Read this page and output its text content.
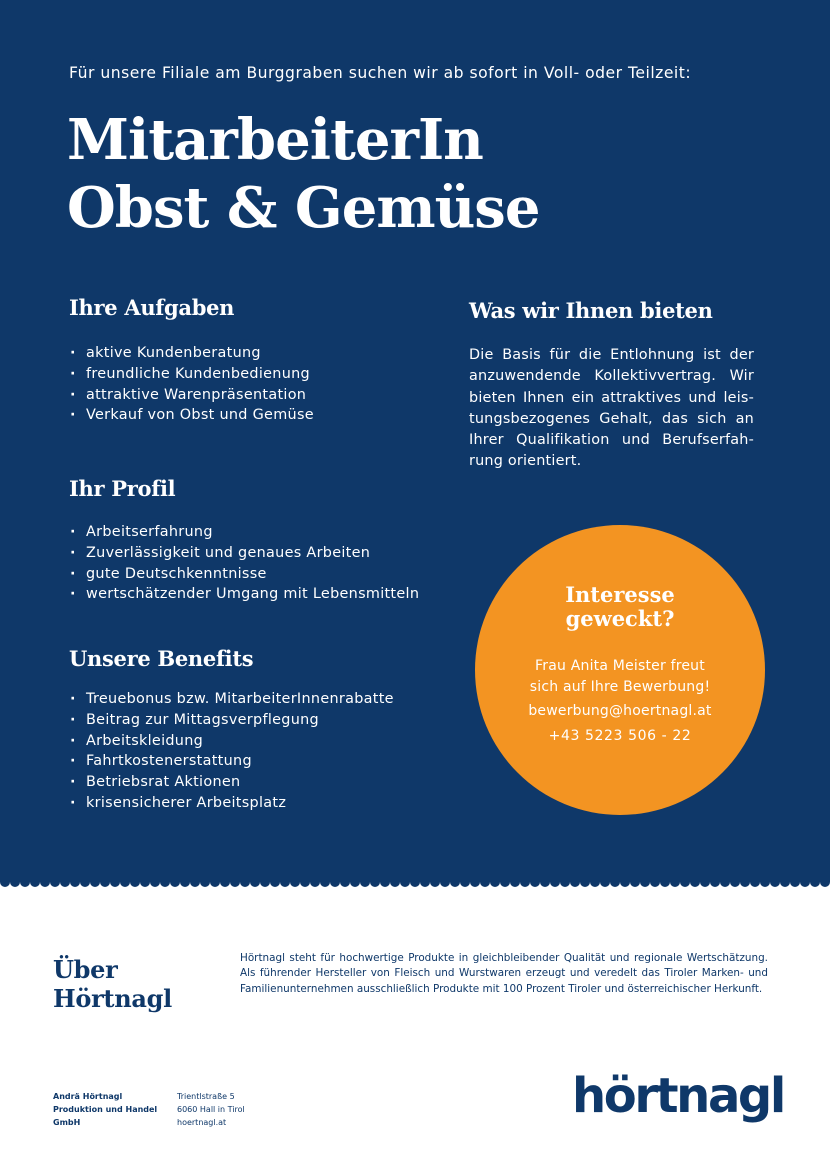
Für unsere Filiale am Burggraben suchen wir ab sofort in Voll- oder Teilzeit:
MitarbeiterIn
Obst & Gemüse
Ihre Aufgaben
· aktive Kundenberatung
· freundliche Kundenbedienung
· attraktive Warenpräsentation
· Verkauf von Obst und Gemüse
Ihr Profil
· Arbeitserfahrung
· Zuverlässigkeit und genaues Arbeiten
· gute Deutschkenntnisse
· wertschätzender Umgang mit Lebensmitteln
Unsere Benefits
· Treuebonus bzw. MitarbeiterInnenrabatte
· Beitrag zur Mittagsverpflegung
· Arbeitskleidung
· Fahrtkostenerstattung
· Betriebsrat Aktionen
· krisensicherer Arbeitsplatz
Was wir Ihnen bieten

Die Basis für die Entlohnung ist der anzuwendende Kollektivvertrag. Wir bieten Ihnen ein attraktives und leis-tungsbezogenes Gehalt, das sich an Ihrer Qualifikation und Berufserfah-rung orientiert.

Interesse
geweckt?
Frau Anita Meister freut
sich auf Ihre Bewerbung!
bewerbung@hoertnagl.at
+43 5223 506 - 22
Über
Hörtnagl

Hörtnagl steht für hochwertige Produkte in gleichbleibender Qualität und regionale Wertschätzung. Als führender Hersteller von Fleisch und Wurstwaren erzeugt und veredelt das Tiroler Marken- und Familienunternehmen ausschließlich Produkte mit 100 Prozent Tiroler und österreichischer Herkunft.

Andrä Hörtnagl
Produktion und Handel
GmbH
Trientlstraße 5
6060 Hall in Tirol
hoertnagl.at	hörtnagl
